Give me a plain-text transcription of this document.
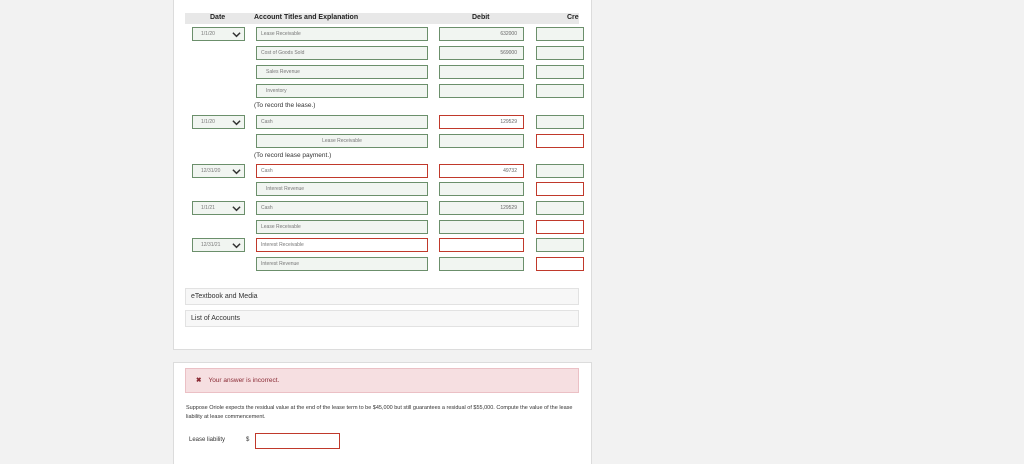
Date	Account Titles and Explanation	Debit	Cre
1/1/20	Lease Receivable	632000
Cost of Goods Sold	569000
Sales Revenue
Inventory
(To record the lease.)
1/1/20	Cash	129529
Lease Receivable
(To record lease payment.)
12/31/20	Cash	49732
Interest Revenue
1/1/21	Cash	129529
Lease Receivable
12/31/21	Interest Receivable
Interest Revenue
eTextbook and Media
List of Accounts
✖ Your answer is incorrect.
Suppose Oriole expects the residual value at the end of the lease term to be $45,000 but still guarantees a residual of $55,000. Compute the value of the lease liability at lease commencement.
Lease liability	$
